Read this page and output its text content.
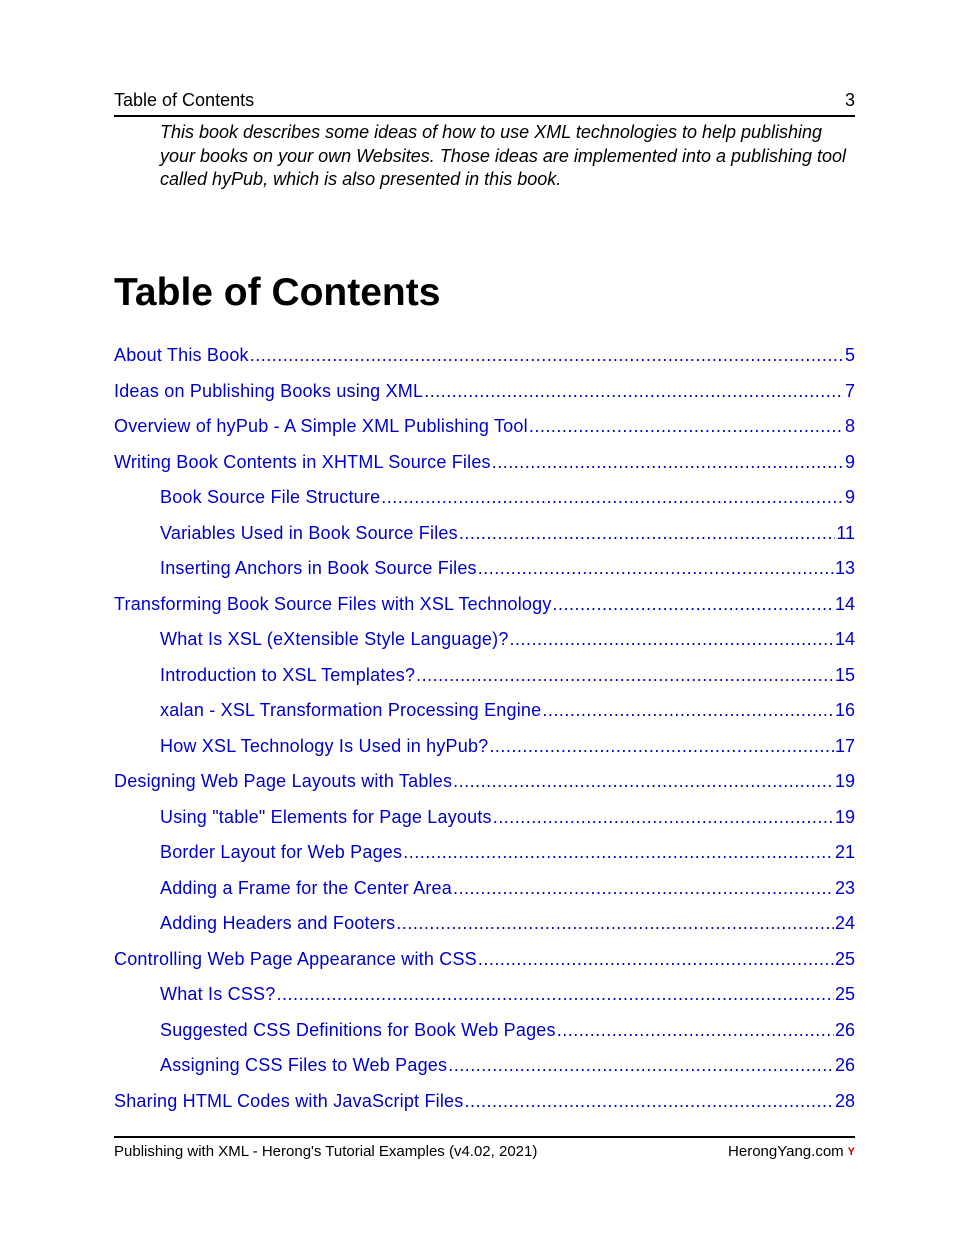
Table of Contents	3
This book describes some ideas of how to use XML technologies to help publishing your books on your own Websites. Those ideas are implemented into a publishing tool called hyPub, which is also presented in this book.
Table of Contents
About This Book .....	5
Ideas on Publishing Books using XML .....	7
Overview of hyPub - A Simple XML Publishing Tool .....	8
Writing Book Contents in XHTML Source Files .....	9
Book Source File Structure .....	9
Variables Used in Book Source Files .....	11
Inserting Anchors in Book Source Files .....	13
Transforming Book Source Files with XSL Technology .....	14
What Is XSL (eXtensible Style Language)? .....	14
Introduction to XSL Templates? .....	15
xalan - XSL Transformation Processing Engine .....	16
How XSL Technology Is Used in hyPub? .....	17
Designing Web Page Layouts with Tables .....	19
Using "table" Elements for Page Layouts .....	19
Border Layout for Web Pages .....	21
Adding a Frame for the Center Area .....	23
Adding Headers and Footers .....	24
Controlling Web Page Appearance with CSS .....	25
What Is CSS? .....	25
Suggested CSS Definitions for Book Web Pages .....	26
Assigning CSS Files to Web Pages .....	26
Sharing HTML Codes with JavaScript Files .....	28
Publishing with XML - Herong's Tutorial Examples (v4.02, 2021)	HerongYang.com Y
